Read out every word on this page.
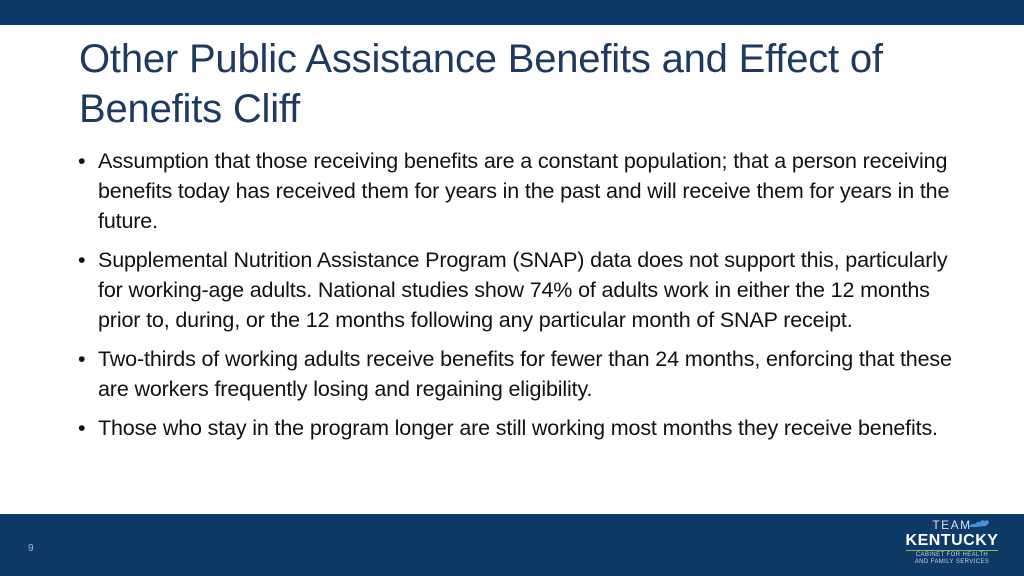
Other Public Assistance Benefits and Effect of Benefits Cliff
• Assumption that those receiving benefits are a constant population; that a person receiving benefits today has received them for years in the past and will receive them for years in the future.
• Supplemental Nutrition Assistance Program (SNAP) data does not support this, particularly for working-age adults. National studies show 74% of adults work in either the 12 months prior to, during, or the 12 months following any particular month of SNAP receipt.
• Two-thirds of working adults receive benefits for fewer than 24 months, enforcing that these are workers frequently losing and regaining eligibility.
• Those who stay in the program longer are still working most months they receive benefits.
9
TEAM
KENTUCKY
CABINET FOR HEALTH
AND FAMILY SERVICES
